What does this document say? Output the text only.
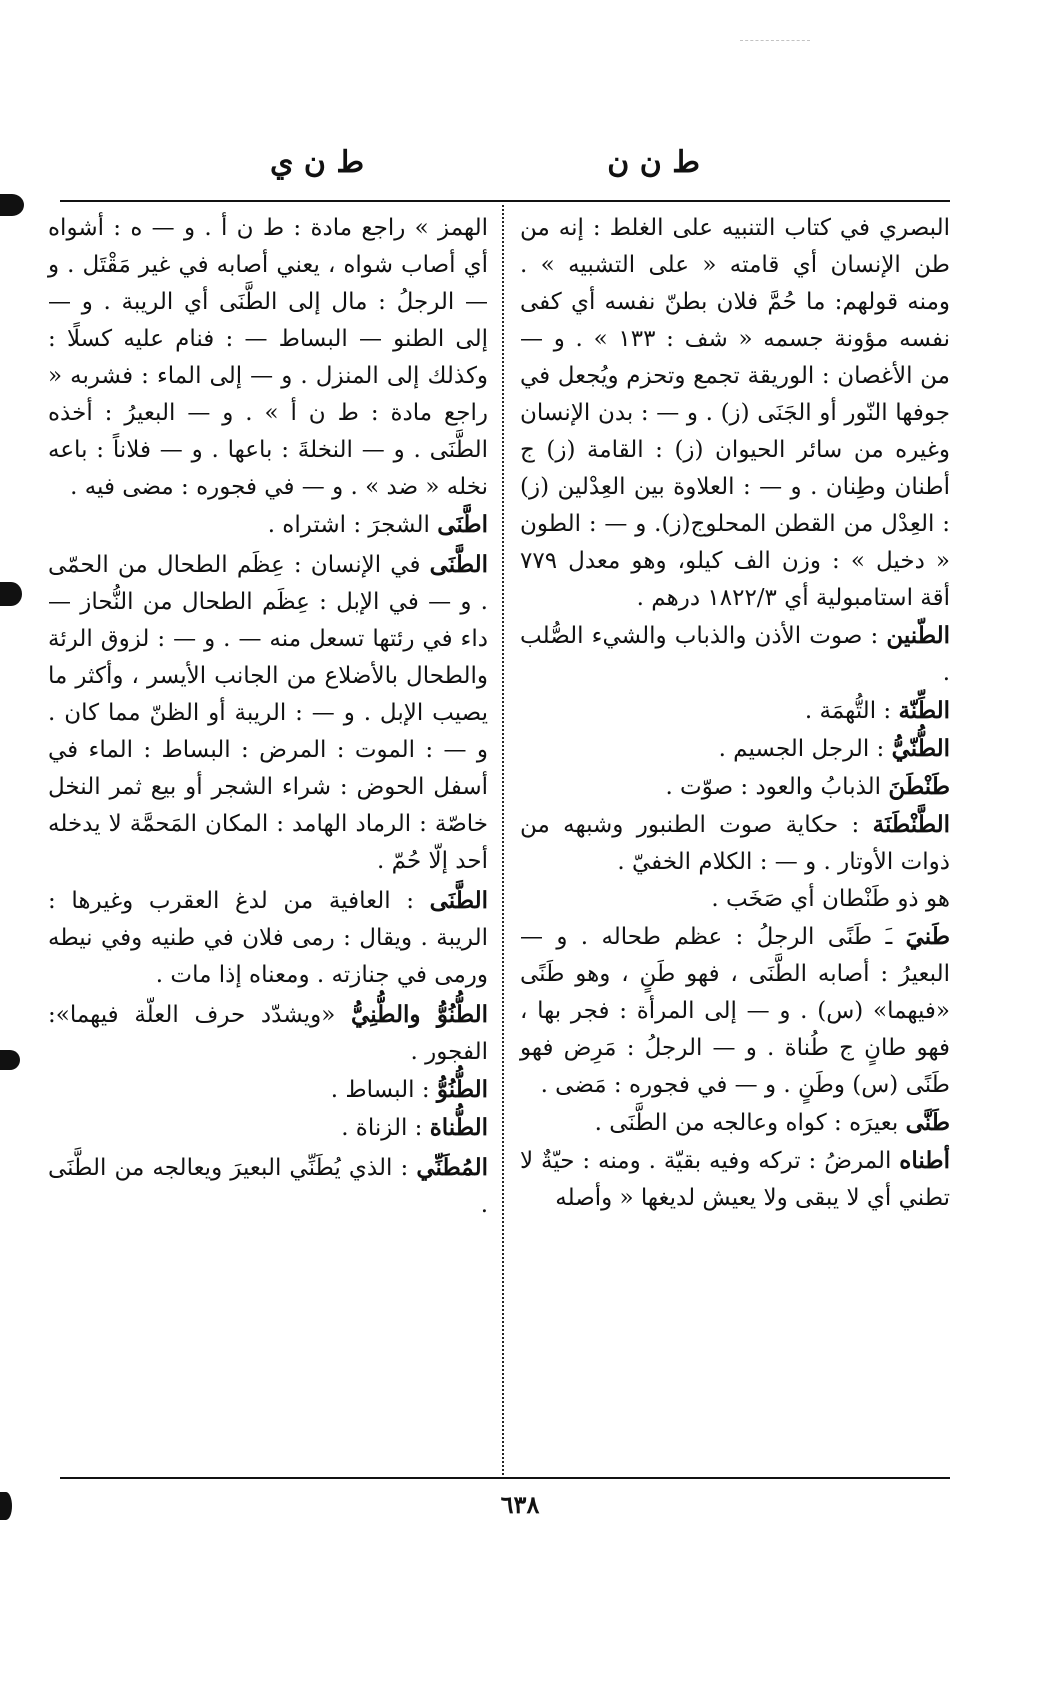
ط ن ن
ط ن ي

البصري في كتاب التنبيه على الغلط : إنه من طن الإنسان أي قامته « على التشبيه » . ومنه قولهم: ما حُمَّ فلان بطنّ نفسه أي كفى نفسه مؤونة جسمه « شف : ١٣٣ » . و — من الأغصان : الوريقة تجمع وتحزم ويُجعل في جوفها النّور أو الجَنَى (ز) . و — : بدن الإنسان وغيره من سائر الحيوان (ز) : القامة (ز) ج أطنان وطِنان . و — : العلاوة بين العِدْلين (ز) : العِدْل من القطن المحلوج(ز). و — : الطون « دخيل » : وزن الف كيلو، وهو معدل ٧٧٩ أقة استامبولية أي ١٨٢٢/٣ درهم .

الطّنين : صوت الأذن والذباب والشيء الصُّلب .

الطِّنّة : التُّهمَة .

الطُّنّيُّ : الرجل الجسيم .

طَنْطَنَ الذبابُ والعود : صوّت .

الطَّنْطَنَة : حكاية صوت الطنبور وشبهه من ذوات الأوتار . و — : الكلام الخفيّ .

هو ذو طَنْطان أي صَخَب .

طَنيَ ـَ طَنًى الرجلُ : عظم طحاله . و — البعيرُ : أصابه الطَّنَى ، فهو طَنٍ ، وهو طَنًى «فيهما» (س) . و — إلى المرأة : فجر بها ، فهو طانٍ ج طُناة . و — الرجلُ : مَرِض فهو طَنًى (س) وطَنٍ . و — في فجوره : مَضى .

طَنَّى بعيرَه : كواه وعالجه من الطَّنَى .

أطناه المرضُ : تركه وفيه بقيّة . ومنه : حيّةٌ لا تطني أي لا يبقى ولا يعيش لديغها « وأصله

الهمز » راجع مادة : ط ن أ . و — ه : أشواه أي أصاب شواه ، يعني أصابه في غير مَقْتَل . و — الرجلُ : مال إلى الطَّنَى أي الريبة . و — إلى الطنو — البساط — : فنام عليه كسلًا : وكذلك إلى المنزل . و — إلى الماء : فشربه « راجع مادة : ط ن أ » . و — البعيرُ : أخذه الطَّنَى . و — النخلةَ : باعها . و — فلاناً : باعه نخله « ضد » . و — في فجوره : مضى فيه .

اطَّنَى الشجرَ : اشتراه .

الطَّنَى في الإنسان : عِظَم الطحال من الحمّى . و — في الإبل : عِظَم الطحال من النُّحاز — داء في رئتها تسعل منه — . و — : لزوق الرئة والطحال بالأضلاع من الجانب الأيسر ، وأكثر ما يصيب الإبل . و — : الريبة أو الظنّ مما كان . و — : الموت : المرض : البساط : الماء في أسفل الحوض : شراء الشجر أو بيع ثمر النخل خاصّة : الرماد الهامد : المكان المَحمَّة لا يدخله أحد إلّا حُمّ .

الطَّنَى : العافية من لدغ العقرب وغيرها : الريبة . ويقال : رمى فلان في طنيه وفي نيطه ورمى في جنازته . ومعناه إذا مات .

الطُّنُوُّ والطُّنِيُّ «ويشدّد حرف العلّة فيهما»: الفجور .

الطُّنُوُّ : البساط .

الطُّناة : الزناة .

المُطَنِّي : الذي يُطَنِّي البعيرَ ويعالجه من الطَّنَى .

٦٣٨
